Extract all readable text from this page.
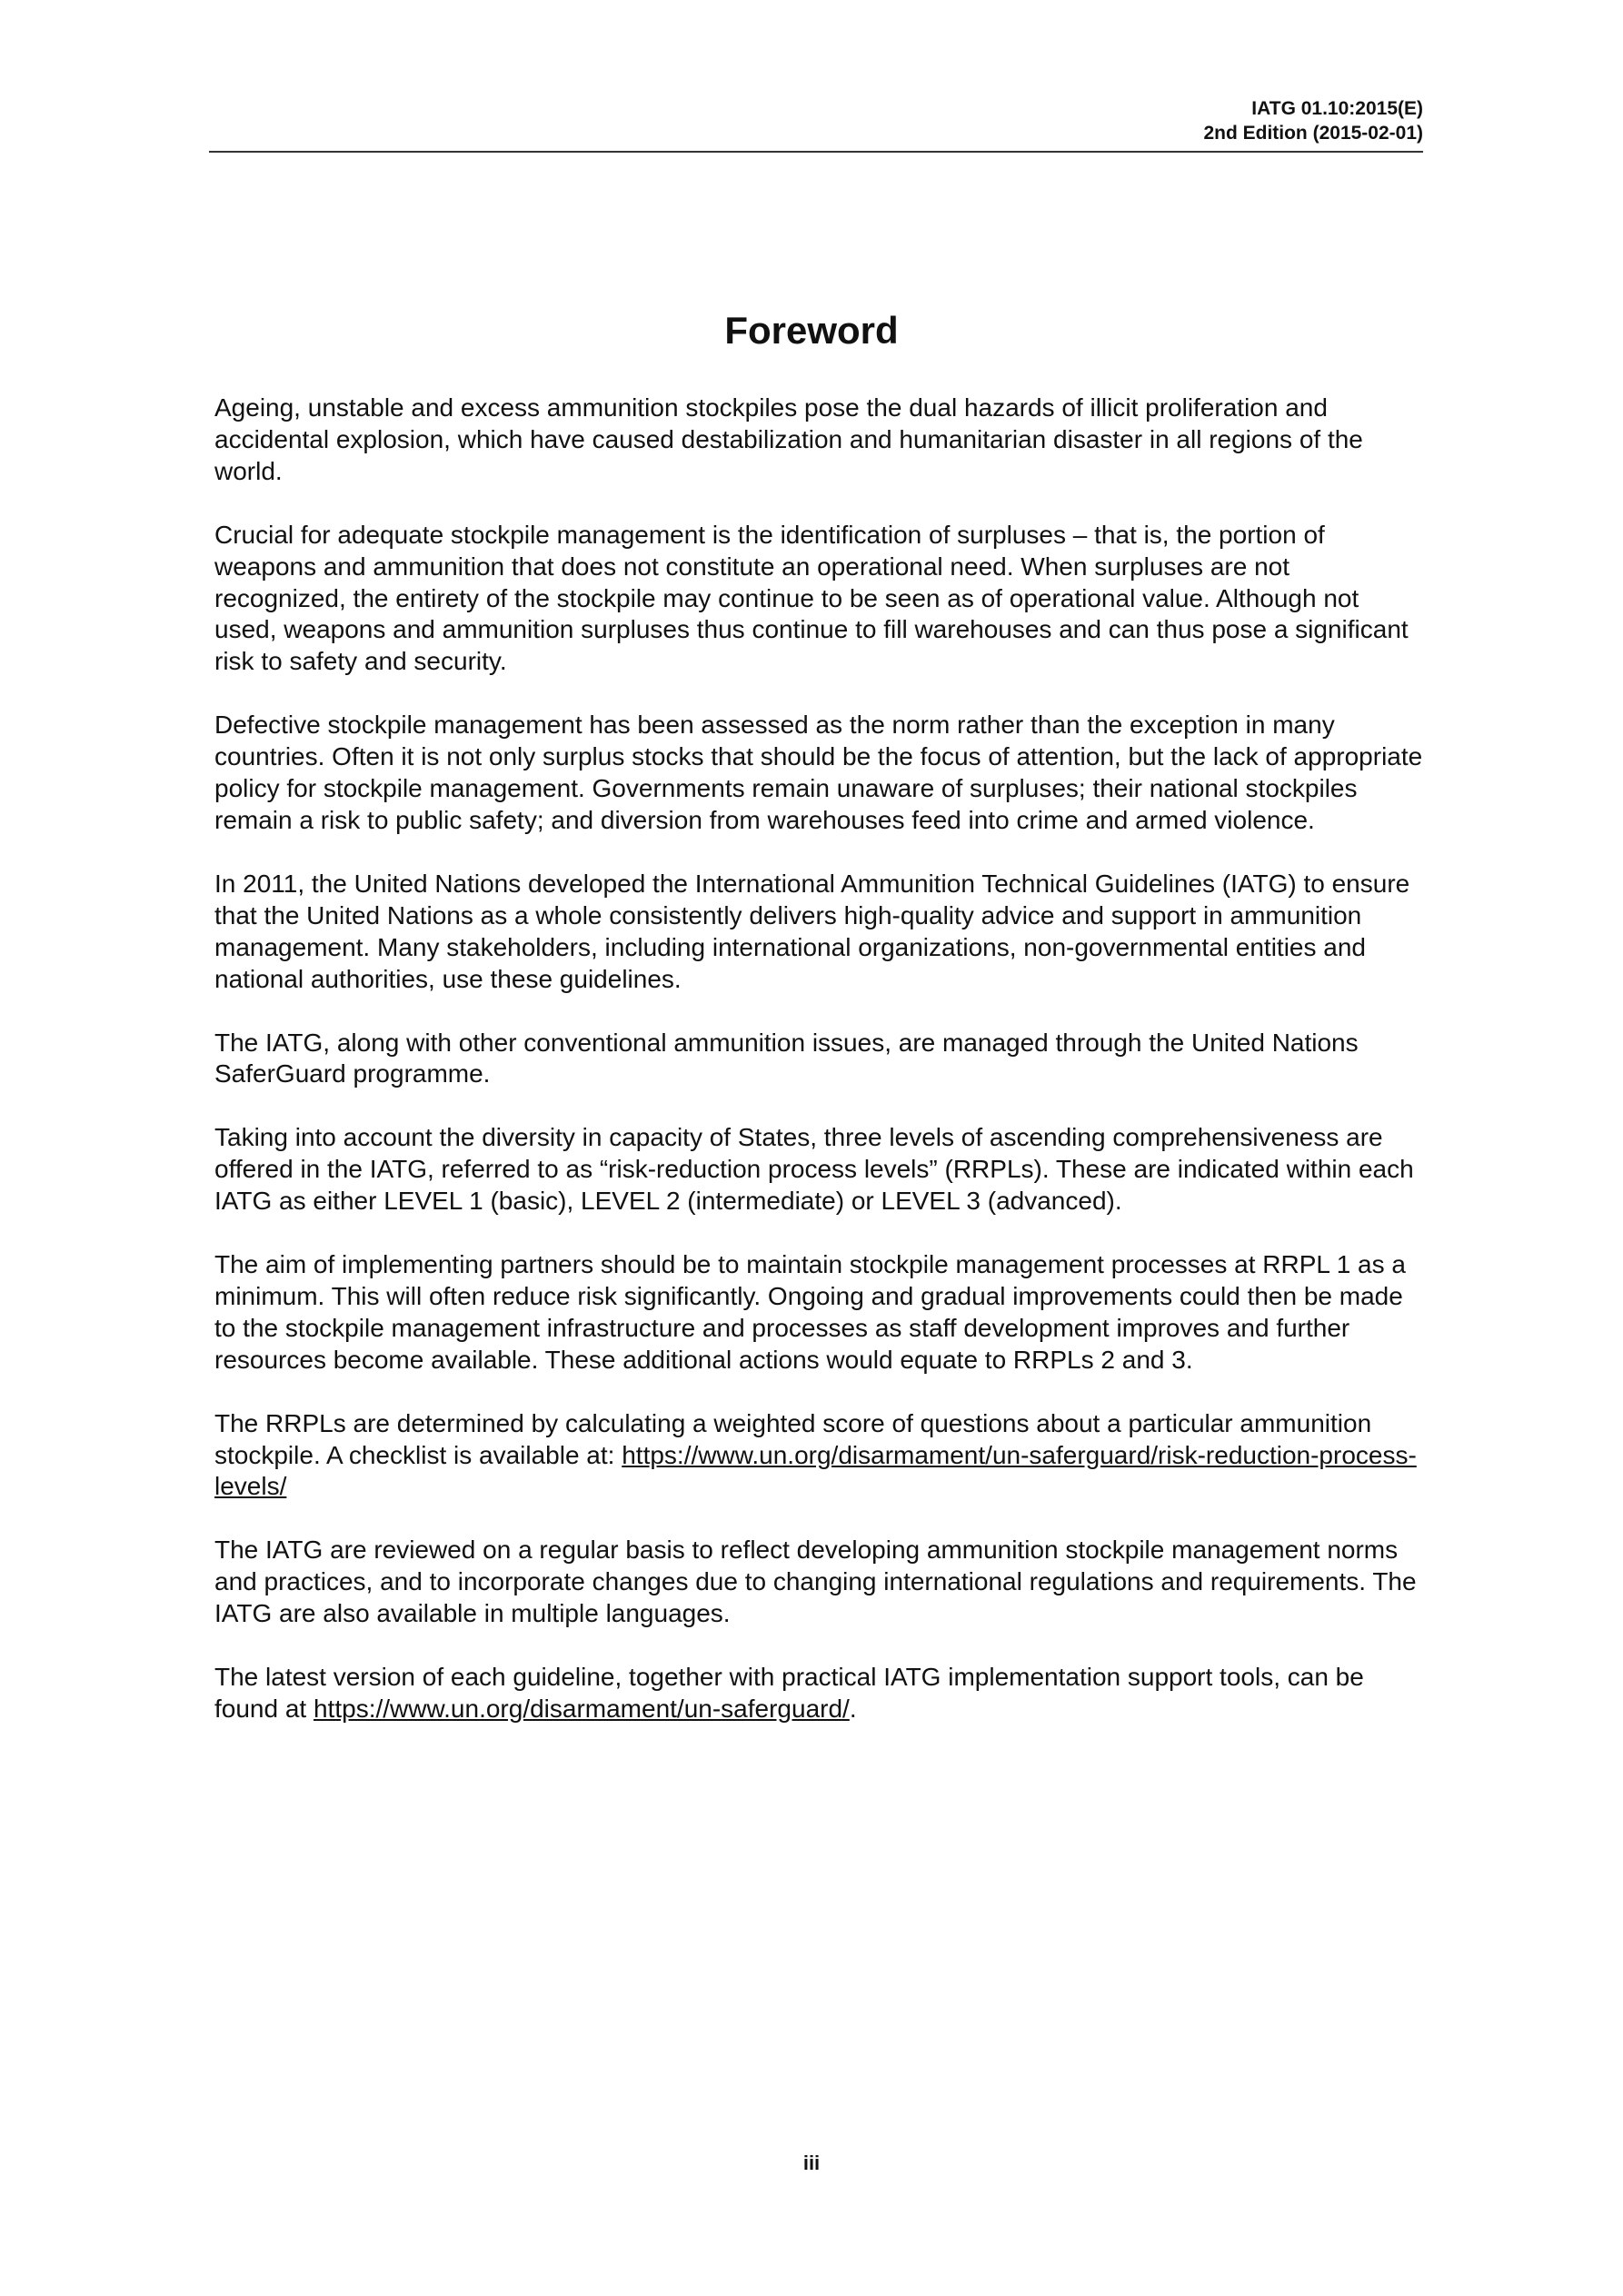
IATG 01.10:2015(E)
2nd Edition (2015-02-01)
Foreword

Ageing, unstable and excess ammunition stockpiles pose the dual hazards of illicit proliferation and accidental explosion, which have caused destabilization and humanitarian disaster in all regions of the world.

Crucial for adequate stockpile management is the identification of surpluses – that is, the portion of weapons and ammunition that does not constitute an operational need. When surpluses are not recognized, the entirety of the stockpile may continue to be seen as of operational value. Although not used, weapons and ammunition surpluses thus continue to fill warehouses and can thus pose a significant risk to safety and security.

Defective stockpile management has been assessed as the norm rather than the exception in many countries. Often it is not only surplus stocks that should be the focus of attention, but the lack of appropriate policy for stockpile management. Governments remain unaware of surpluses; their national stockpiles remain a risk to public safety; and diversion from warehouses feed into crime and armed violence.

In 2011, the United Nations developed the International Ammunition Technical Guidelines (IATG) to ensure that the United Nations as a whole consistently delivers high-quality advice and support in ammunition management. Many stakeholders, including international organizations, non-governmental entities and national authorities, use these guidelines.

The IATG, along with other conventional ammunition issues, are managed through the United Nations SaferGuard programme.

Taking into account the diversity in capacity of States, three levels of ascending comprehensiveness are offered in the IATG, referred to as “risk-reduction process levels” (RRPLs). These are indicated within each IATG as either LEVEL 1 (basic), LEVEL 2 (intermediate) or LEVEL 3 (advanced).

The aim of implementing partners should be to maintain stockpile management processes at RRPL 1 as a minimum. This will often reduce risk significantly. Ongoing and gradual improvements could then be made to the stockpile management infrastructure and processes as staff development improves and further resources become available. These additional actions would equate to RRPLs 2 and 3.

The RRPLs are determined by calculating a weighted score of questions about a particular ammunition stockpile. A checklist is available at: https://www.un.org/disarmament/un-saferguard/risk-reduction-process-levels/

The IATG are reviewed on a regular basis to reflect developing ammunition stockpile management norms and practices, and to incorporate changes due to changing international regulations and requirements. The IATG are also available in multiple languages.

The latest version of each guideline, together with practical IATG implementation support tools, can be found at https://www.un.org/disarmament/un-saferguard/.

iii
